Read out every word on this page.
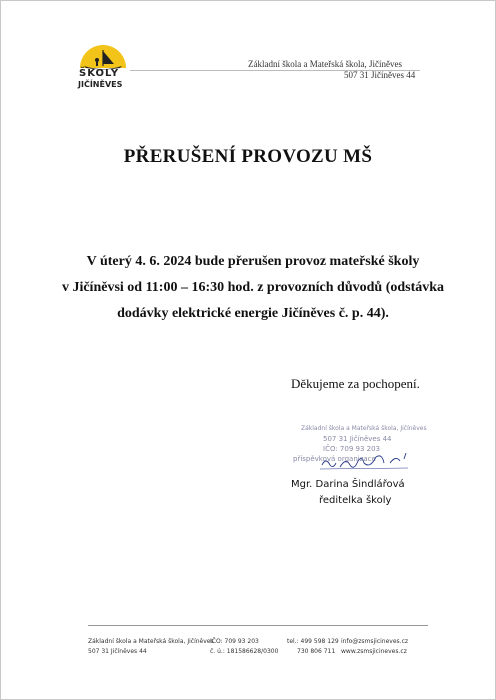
ŠKOLY
JIČÍNĚVES
Základní škola a Mateřská škola, Jičíněves
507 31 Jičíněves 44
PŘERUŠENÍ PROVOZU MŠ
V úterý 4. 6. 2024 bude přerušen provoz mateřské školy
v Jičíněvsi od 11:00 – 16:30 hod. z provozních důvodů (odstávka
dodávky elektrické energie Jičíněves č. p. 44).
Děkujeme za pochopení.
Základní škola a Mateřská škola, Jičíněves
507 31 Jičíněves 44
IČO: 709 93 203
příspěvková organizace
Mgr. Darina Šindlářová
ředitelka školy
Základní škola a Mateřská škola, Jičíněves
507 31 Jičíněves 44
IČO: 709 93 203
č. ú.: 181586628/0300
tel.: 499 598 129
730 806 711
info@zsmsjicineves.cz
www.zsmsjicineves.cz
